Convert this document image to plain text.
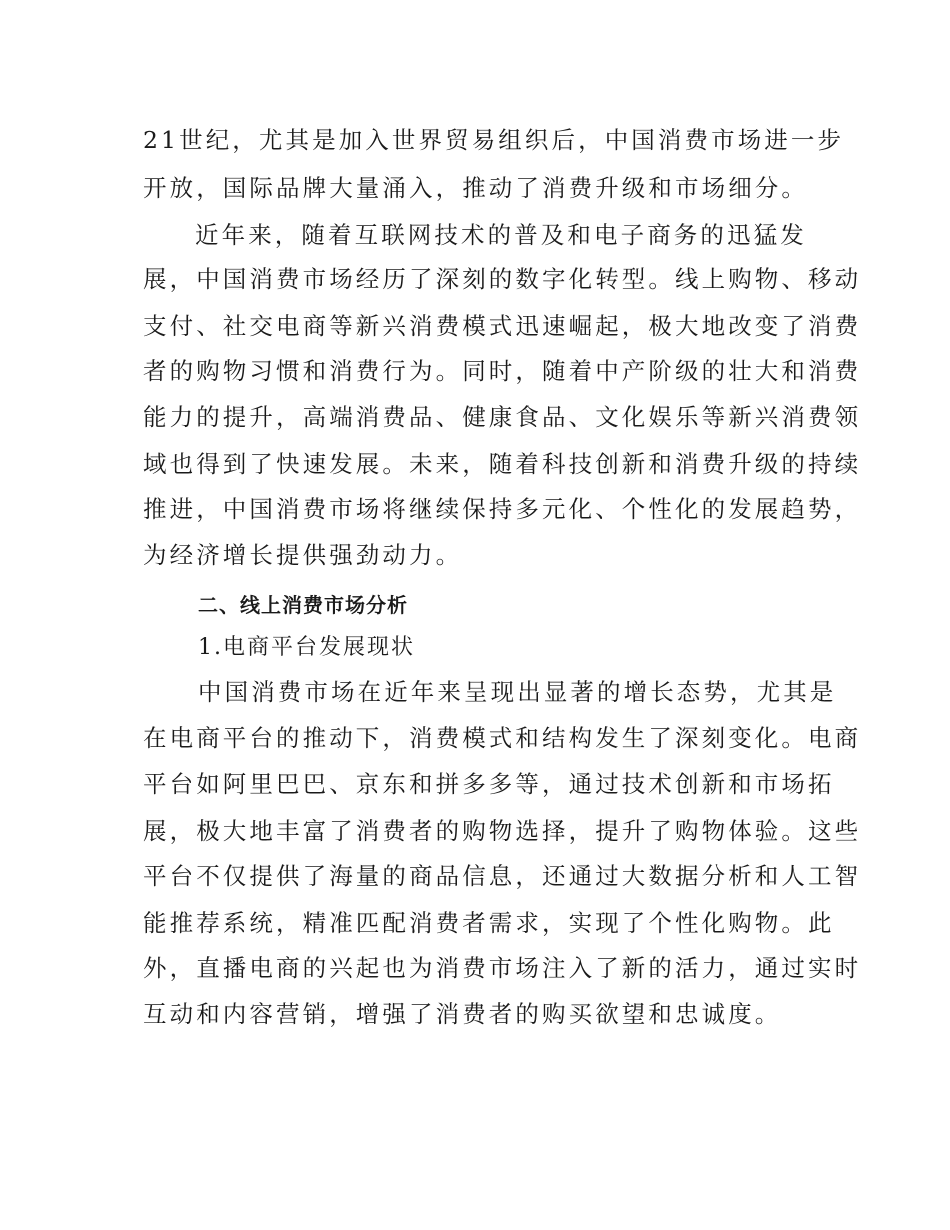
21世纪，尤其是加入世界贸易组织后，中国消费市场进一步

开放，国际品牌大量涌入，推动了消费升级和市场细分。

近年来，随着互联网技术的普及和电子商务的迅猛发

展，中国消费市场经历了深刻的数字化转型。线上购物、移动

支付、社交电商等新兴消费模式迅速崛起，极大地改变了消费

者的购物习惯和消费行为。同时，随着中产阶级的壮大和消费

能力的提升，高端消费品、健康食品、文化娱乐等新兴消费领

域也得到了快速发展。未来，随着科技创新和消费升级的持续

推进，中国消费市场将继续保持多元化、个性化的发展趋势，

为经济增长提供强劲动力。

二、线上消费市场分析

1.电商平台发展现状

中国消费市场在近年来呈现出显著的增长态势，尤其是

在电商平台的推动下，消费模式和结构发生了深刻变化。电商

平台如阿里巴巴、京东和拼多多等，通过技术创新和市场拓

展，极大地丰富了消费者的购物选择，提升了购物体验。这些

平台不仅提供了海量的商品信息，还通过大数据分析和人工智

能推荐系统，精准匹配消费者需求，实现了个性化购物。此

外，直播电商的兴起也为消费市场注入了新的活力，通过实时

互动和内容营销，增强了消费者的购买欲望和忠诚度。
